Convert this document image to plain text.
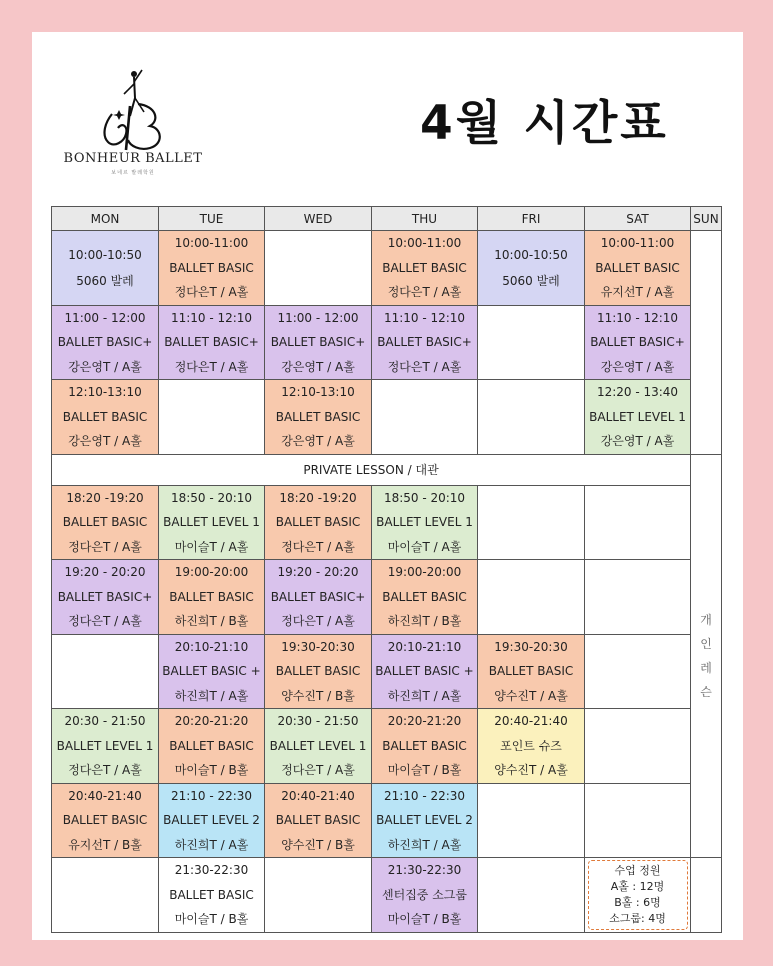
BONHEUR BALLET
보네르 발레학원
4월 시간표
MON	TUE	WED	THU	FRI	SAT	SUN

10:00-10:50
5060 발레	10:00-11:00
BALLET BASIC
정다은T / A홀		10:00-11:00
BALLET BASIC
정다은T / A홀	10:00-10:50
5060 발레	10:00-11:00
BALLET BASIC
유지선T / A홀	

11:00 - 12:00
BALLET BASIC+
강은영T / A홀	11:10 - 12:10
BALLET BASIC+
정다은T / A홀	11:00 - 12:00
BALLET BASIC+
강은영T / A홀	11:10 - 12:10
BALLET BASIC+
정다은T / A홀		11:10 - 12:10
BALLET BASIC+
강은영T / A홀	

12:10-13:10
BALLET BASIC
강은영T / A홀		12:10-13:10
BALLET BASIC
강은영T / A홀			12:20 - 13:40
BALLET LEVEL 1
강은영T / A홀	

PRIVATE LESSON / 대관						개
인
레
슨

18:20 -19:20
BALLET BASIC
정다은T / A홀	18:50 - 20:10
BALLET LEVEL 1
마이슬T / A홀	18:20 -19:20
BALLET BASIC
정다은T / A홀	18:50 - 20:10
BALLET LEVEL 1
마이슬T / A홀			

19:20 - 20:20
BALLET BASIC+
정다은T / A홀	19:00-20:00
BALLET BASIC
하진희T / B홀	19:20 - 20:20
BALLET BASIC+
정다은T / A홀	19:00-20:00
BALLET BASIC
하진희T / B홀			

	20:10-21:10
BALLET BASIC +
하진희T / A홀	19:30-20:30
BALLET BASIC
양수진T / B홀	20:10-21:10
BALLET BASIC +
하진희T / A홀	19:30-20:30
BALLET BASIC
양수진T / A홀		

20:30 - 21:50
BALLET LEVEL 1
정다은T / A홀	20:20-21:20
BALLET BASIC
마이슬T / B홀	20:30 - 21:50
BALLET LEVEL 1
정다은T / A홀	20:20-21:20
BALLET BASIC
마이슬T / B홀	20:40-21:40
포인트 슈즈
양수진T / A홀		

20:40-21:40
BALLET BASIC
유지선T / B홀	21:10 - 22:30
BALLET LEVEL 2
하진희T / A홀	20:40-21:40
BALLET BASIC
양수진T / B홀	21:10 - 22:30
BALLET LEVEL 2
하진희T / A홀			

	21:30-22:30
BALLET BASIC
마이슬T / B홀		21:30-22:30
센터집중 소그룹
마이슬T / B홀		수업 정원
A홀 : 12명
B홀 : 6명
소그룹: 4명	
